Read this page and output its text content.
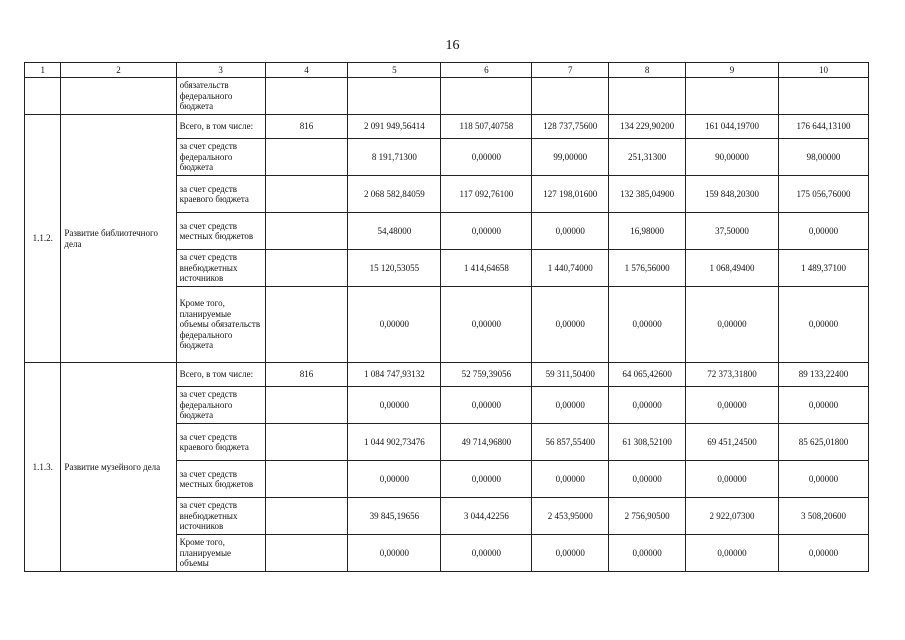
16
1	2	3	4	5	6	7	8	9	10
		обязательств федерального бюджета							
1.1.2.	Развитие библиотечного дела	Всего, в том числе:	816	2 091 949,56414	118 507,40758	128 737,75600	134 229,90200	161 044,19700	176 644,13100
		за счет средств федерального бюджета		8 191,71300	0,00000	99,00000	251,31300	90,00000	98,00000
		за счет средств краевого бюджета		2 068 582,84059	117 092,76100	127 198,01600	132 385,04900	159 848,20300	175 056,76000
		за счет средств местных бюджетов		54,48000	0,00000	0,00000	16,98000	37,50000	0,00000
		за счет средств внебюджетных источников		15 120,53055	1 414,64658	1 440,74000	1 576,56000	1 068,49400	1 489,37100
		Кроме того, планируемые объемы обязательств федерального бюджета		0,00000	0,00000	0,00000	0,00000	0,00000	0,00000
1.1.3.	Развитие музейного дела	Всего, в том числе:	816	1 084 747,93132	52 759,39056	59 311,50400	64 065,42600	72 373,31800	89 133,22400
		за счет средств федерального бюджета		0,00000	0,00000	0,00000	0,00000	0,00000	0,00000
		за счет средств краевого бюджета		1 044 902,73476	49 714,96800	56 857,55400	61 308,52100	69 451,24500	85 625,01800
		за счет средств местных бюджетов		0,00000	0,00000	0,00000	0,00000	0,00000	0,00000
		за счет средств внебюджетных источников		39 845,19656	3 044,42256	2 453,95000	2 756,90500	2 922,07300	3 508,20600
		Кроме того, планируемые объемы		0,00000	0,00000	0,00000	0,00000	0,00000	0,00000
